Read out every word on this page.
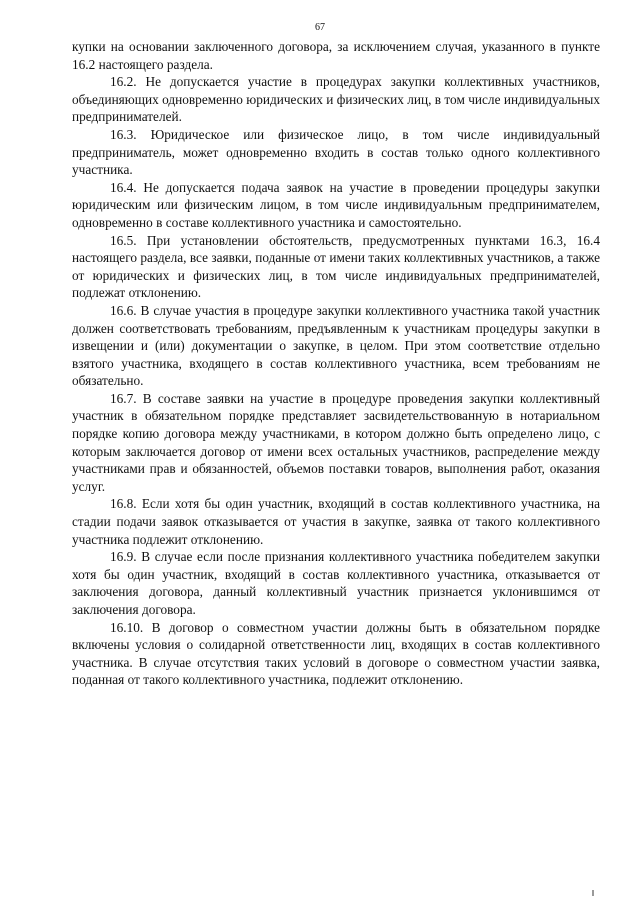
67

купки на основании заключенного договора, за исключением случая, указанного в пункте 16.2 настоящего раздела.

16.2. Не допускается участие в процедурах закупки коллективных участников, объединяющих одновременно юридических и физических лиц, в том числе индивидуальных предпринимателей.

16.3. Юридическое или физическое лицо, в том числе индивидуальный предприниматель, может одновременно входить в состав только одного коллективного участника.

16.4. Не допускается подача заявок на участие в проведении процедуры закупки юридическим или физическим лицом, в том числе индивидуальным предпринимателем, одновременно в составе коллективного участника и самостоятельно.

16.5. При установлении обстоятельств, предусмотренных пунктами 16.3, 16.4 настоящего раздела, все заявки, поданные от имени таких коллективных участников, а также от юридических и физических лиц, в том числе индивидуальных предпринимателей, подлежат отклонению.

16.6. В случае участия в процедуре закупки коллективного участника такой участник должен соответствовать требованиям, предъявленным к участникам процедуры закупки в извещении и (или) документации о закупке, в целом. При этом соответствие отдельно взятого участника, входящего в состав коллективного участника, всем требованиям не обязательно.

16.7. В составе заявки на участие в процедуре проведения закупки коллективный участник в обязательном порядке представляет засвидетельствованную в нотариальном порядке копию договора между участниками, в котором должно быть определено лицо, с которым заключается договор от имени всех остальных участников, распределение между участниками прав и обязанностей, объемов поставки товаров, выполнения работ, оказания услуг.

16.8. Если хотя бы один участник, входящий в состав коллективного участника, на стадии подачи заявок отказывается от участия в закупке, заявка от такого коллективного участника подлежит отклонению.

16.9. В случае если после признания коллективного участника победителем закупки хотя бы один участник, входящий в состав коллективного участника, отказывается от заключения договора, данный коллективный участник признается уклонившимся от заключения договора.

16.10. В договор о совместном участии должны быть в обязательном порядке включены условия о солидарной ответственности лиц, входящих в состав коллективного участника. В случае отсутствия таких условий в договоре о совместном участии заявка, поданная от такого коллективного участника, подлежит отклонению.
